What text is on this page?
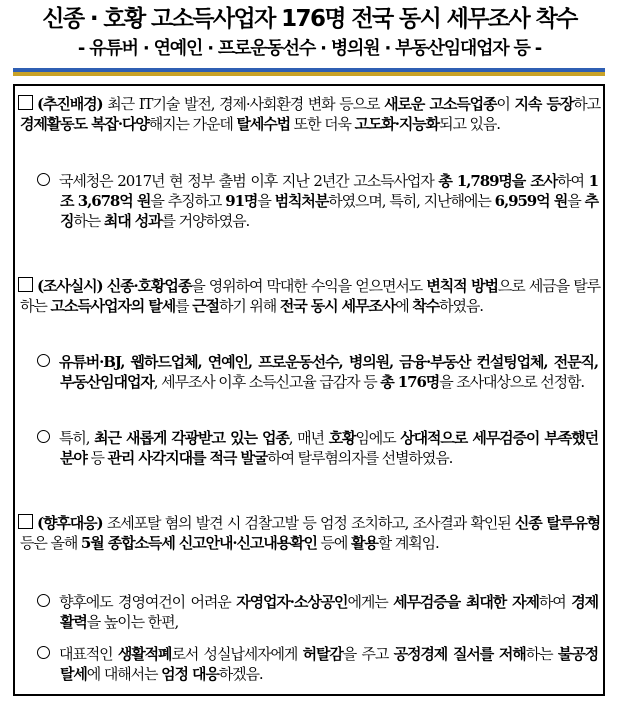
신종 · 호황 고소득사업자 176명 전국 동시 세무조사 착수
- 유튜버 · 연예인 · 프로운동선수 · 병의원 · 부동산임대업자 등 -

(추진배경) 최근 IT기술 발전, 경제·사회환경 변화 등으로 새로운 고소득업종이 지속 등장하고 경제활동도 복잡·다양해지는 가운데 탈세수법 또한 더욱 고도화·지능화되고 있음.

국세청은 2017년 현 정부 출범 이후 지난 2년간 고소득사업자 총 1,789명을 조사하여 1조 3,678억 원을 추징하고 91명을 범칙처분하였으며, 특히, 지난해에는 6,959억 원을 추징하는 최대 성과를 거양하였음.

(조사실시) 신종·호황업종을 영위하여 막대한 수익을 얻으면서도 변칙적 방법으로 세금을 탈루하는 고소득사업자의 탈세를 근절하기 위해 전국 동시 세무조사에 착수하였음.

유튜버·BJ, 웹하드업체, 연예인, 프로운동선수, 병의원, 금융·부동산 컨설팅업체, 전문직, 부동산임대업자, 세무조사 이후 소득신고율 급감자 등 총 176명을 조사대상으로 선정함.

특히, 최근 새롭게 각광받고 있는 업종, 매년 호황임에도 상대적으로 세무검증이 부족했던 분야 등 관리 사각지대를 적극 발굴하여 탈루혐의자를 선별하였음.

(향후대응) 조세포탈 혐의 발견 시 검찰고발 등 엄정 조치하고, 조사결과 확인된 신종 탈루유형 등은 올해 5월 종합소득세 신고안내·신고내용확인 등에 활용할 계획임.

향후에도 경영여건이 어려운 자영업자·소상공인에게는 세무검증을 최대한 자제하여 경제활력을 높이는 한편,

대표적인 생활적폐로서 성실납세자에게 허탈감을 주고 공정경제 질서를 저해하는 불공정 탈세에 대해서는 엄정 대응하겠음.
